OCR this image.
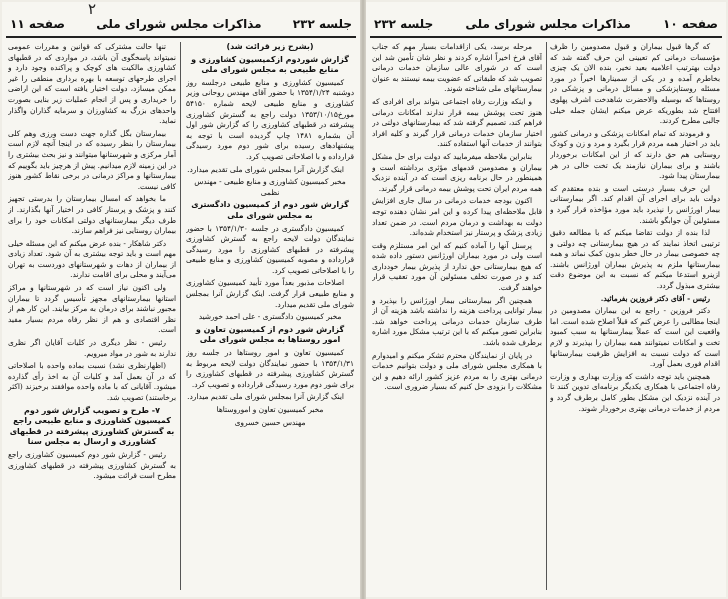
۲
جلسه ۲۳۲
مذاکرات مجلس شورای ملی
صفحه ۱۱

(بشرح زیر قرائت شد)

گزارش شوردوم ازکمیسیون کشاورزی و منابع طبیعی به مجلس شورای ملی

کمیسیون کشاورزی و منابع طبیعی درجلسه روز دوشنبه ۱۳۵۴/۱/۲۴ با حضور آقای مهندس روحانی وزیر کشاورزی و منابع طبیعی لایحه شماره ۵۴۱۵۰ مورخ۱۳۵۳/۱۰/۱۵ دولت راجع به گسترش کشاورزی پیشرفته در قطبهای کشاورزی را که گزارش شور اول آن بشماره ۱۴۸۱ چاپ گردیده است با توجه به پیشنهادهای رسیده برای شور دوم مورد رسیدگی قرارداده و با اصلاحاتی تصویب کرد.

اینک گزارش آنرا بمجلس شورای ملی تقدیم میدارد.

مخبر کمیسیون کشاورزی و منابع طبیعی - مهندس نظمی

گزارش شور دوم از کمیسیون دادگستری به مجلس شورای ملی

کمیسیون دادگستری در جلسه ۱۳۵۴/۱/۳۰ با حضور نمایندگان دولت لایحه راجع به گسترش کشاورزی پیشرفته در قطبهای کشاورزی را مورد رسیدگی قرارداده و مصوبه کمیسیون کشاورزی و منابع طبیعی را با اصلاحاتی تصویب کرد.

اصلاحات مذبور بعداً مورد تأیید کمیسیون کشاورزی و منابع طبیعی قرار گرفت. اینک گزارش آنرا بمجلس شورای ملی تقدیم میدارد.

مخبر کمیسیون دادگستری - علی احمد خورشید

گزارش شور دوم از کمیسیون تعاون و امور روستاها به مجلس شورای ملی

کمیسیون تعاون و امور روستاها در جلسه روز ۱۳۵۴/۱/۳۱ با حضور نمایندگان دولت لایحه مربوط به گسترش کشاورزی پیشرفته در قطبهای کشاورزی را برای شور دوم مورد رسیدگی قرارداده و تصویب کرد.

اینک گزارش آنرا بمجلس شورای ملی تقدیم میدارد.

مخبر کمیسیون تعاون و اموروستاها

مهندس حسین خسروی

تنها حالت مشترکی که قوانین و مقررات عمومی نمیتواند پاسخگوی آن باشد، در مواردی که در قطبهای کشاورزی مالکیت های کوچک و پراکنده وجود دارد و اجرای طرحهای توسعه با بهره برداری منطقی را غیر ممکن میسازد، دولت اختیار یافته است که این اراضی را خریداری و پس از انجام عملیات زیر بنایی بصورت واحدهای بزرگ به کشاورزان و سرمایه گذاران واگذار نماید.

بیمارستان بگل گذاره جهت دست ورزی وهم کلی بیمارستان را بنظر رسیده که در اینجا آنچه لازم است آمار مرکزی و شهرستانها میتوانند و نیز بحث بیشتری را در این زمینه لازم میدانیم. پیش از هرچیز باید بگوییم که بیمارستانها و مراکز درمانی در برخی نقاط کشور هنوز کافی نیست.

ما بخواهد که امسال بیمارستان را بدرستی تجهیز کنند و پزشک و پرستار کافی در اختیار آنها بگذارند. از طرف دیگر بیمارستانهای دولتی امکانات خود را برای بیماران روستایی نیز فراهم سازند.

دکتر شاهکار - بنده عرض میکنم که این مسئله خیلی مهم است و باید توجه بیشتری به آن شود. تعداد زیادی از بیماران از دهات و شهرستانهای دوردست به تهران می‌آیند و محلی برای اقامت ندارند.

ولی اکنون نیاز است که در شهرستانها و مراکز استانها بیمارستانهای مجهز تأسیس گردد تا بیماران مجبور نباشند برای درمان به مرکز بیایند. این کار هم از نظر اقتصادی و هم از نظر رفاه مردم بسیار مفید است.

رئیس - نظر دیگری در کلیات آقایان اگر نظری ندارند به شور در مواد میرویم.

(اظهارنظری نشد) نسبت بماده واحده با اصلاحاتی که در آن بعمل آمد و کلیات آن به اخذ رأی گذارده میشود. آقایانی که با ماده واحده موافقند برخیزند (اکثر برخاستند) تصویب شد.

۷- طرح و تصویب گزارش شور دوم کمیسیون کشاورزی و منابع طبیعی راجع به گسترش کشاورزی پیشرفته در قطبهای کشاورزی و ارسال به مجلس سنا

رئیس - گزارش شور دوم کمیسیون کشاورزی راجع به گسترش کشاورزی پیشرفته در قطبهای کشاورزی مطرح است قرائت میشود.

صفحه ۱۰
مذاکرات مجلس شورای ملی
جلسه ۲۳۲

که گرها قبول بیماران و قبول مصدومین را ظرف مؤسسات درمانی کم تعیینی این حرف گفته شد که دولت بهترتیب اعلامیه بعید نخیر، بنده الان یک چیزی بخاطرم آمده و در یکی از سمینارها اخیراً در مورد مسئله روستاپزشکی و مسائل درمانی و پزشکی در روستاها که بوسیله والاحضرت شاهدخت اشرف پهلوی افتتاح شد بطوریکه عرض میکنم ایشان جمله خیلی جالبی مطرح کردند.

و فرمودند که تمام امکانات پزشکی و درمانی کشور باید در اختیار همه مردم قرار بگیرد و مرد و زن و کودک روستایی هم حق دارند که از این امکانات برخوردار باشند و برای بیماران نیازمند یک تخت خالی در هر بیمارستان پیدا شود.

این حرف بسیار درستی است و بنده معتقدم که دولت باید برای اجرای آن اقدام کند. اگر بیمارستانی بیمار اورژانس را نپذیرد باید مورد مؤاخذه قرار گیرد و مسئولین آن جوابگو باشند.

لذا بنده از دولت تقاضا میکنم که با مطالعه دقیق ترتیبی اتخاذ نمایند که در هیچ بیمارستانی چه دولتی و چه خصوصی بیمار در حال خطر بدون کمک نماند و همه بیمارستانها ملزم به پذیرش بیماران اورژانس باشند. ازینرو استدعا میکنم که نسبت به این موضوع دقت بیشتری مبذول گردد.

رئیس - آقای دکتر فروزین بفرمائید.

دکتر فروزین - راجع به این بیماران مصدومین در اینجا مطالبی را عرض کنم که قبلاً اصلاح شده است. اما واقعیت این است که عملاً بیمارستانها به سبب کمبود تخت و امکانات نمیتوانند همه بیماران را بپذیرند و لازم است که دولت نسبت به افزایش ظرفیت بیمارستانها اقدام فوری بعمل آورد.

همچنین باید توجه داشت که وزارت بهداری و وزارت رفاه اجتماعی با همکاری یکدیگر برنامه‌ای تدوین کنند تا در آینده نزدیک این مشکل بطور کامل برطرف گردد و مردم از خدمات درمانی بهتری برخوردار شوند.

مرحله برسد، یکی ازاقدامات بسیار مهم که جناب آقای فرخ اخیراً اشاره کردند و نظر شان تأمین شد این است که در شورای عالی سازمان خدمات درمانی تصویب شد که طبقاتی که عضویت بیمه نیستند به عنوان بیمارستانهای ملی شناخته شوند.

و اینکه وزارت رفاه اجتماعی بتواند برای افرادی که هنوز تحت پوشش بیمه قرار ندارند امکانات درمانی فراهم کند، تصمیم گرفته شد که بیمارستانهای دولتی در اختیار سازمان خدمات درمانی قرار گیرند و کلیه افراد بتوانند از خدمات آنها استفاده کنند.

بنابراین ملاحظه میفرمایید که دولت برای حل مشکل بیماران و مصدومین قدمهای مؤثری برداشته است و همینطور در حال برنامه ریزی است که در آینده نزدیک همه مردم ایران تحت پوشش بیمه درمانی قرار گیرند.

اکنون بودجه خدمات درمانی در سال جاری افزایش قابل ملاحظه‌ای پیدا کرده و این امر نشان دهنده توجه دولت به بهداشت و درمان مردم است. در ضمن تعداد زیادی پزشک و پرستار نیز استخدام شده‌اند.

پرسنل آنها را آماده کنیم که این امر مستلزم وقت است ولی در مورد بیماران اورژانس دستور داده شده که هیچ بیمارستانی حق ندارد از پذیرش بیمار خودداری کند و در صورت تخلف مسئولین آن مورد تعقیب قرار خواهند گرفت.

همچنین اگر بیمارستانی بیمار اورژانس را بپذیرد و بیمار توانایی پرداخت هزینه را نداشته باشد هزینه آن از طرف سازمان خدمات درمانی پرداخت خواهد شد. بنابراین تصور میکنم که با این ترتیب مشکل مورد اشاره برطرف شده باشد.

در پایان از نمایندگان محترم تشکر میکنم و امیدوارم با همکاری مجلس شورای ملی و دولت بتوانیم خدمات درمانی بهتری را به مردم عزیز کشور ارائه دهیم و این مشکلات را بزودی حل کنیم که بسیار ضروری است.
